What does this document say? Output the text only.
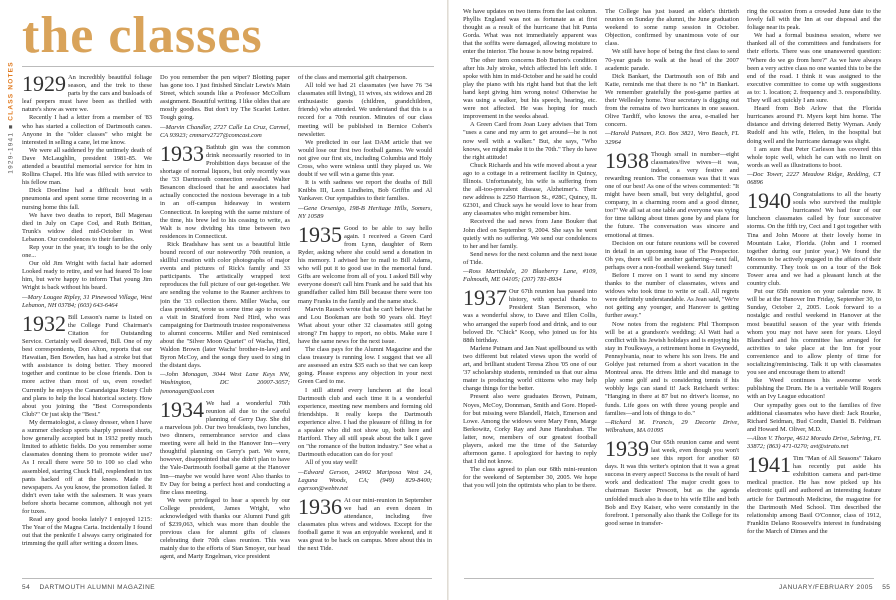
1929-1941 ■ CLASS NOTES
the classes

1929 An incredibly beautiful foliage season, and the trek to these parts by the cars and busloads of leaf peepers must have been as thrilled with nature's show as were we.

Recently I had a letter from a member of '83 who has started a collection of Dartmouth canes. Anyone in the "older classes" who might be interested in selling a cane, let me know.

We were all saddened by the untimely death of Dave McLaughlin, president 1981-85. We attended a beautiful memorial service for him in Rollins Chapel. His life was filled with service to his fellow man.

Dick Doerline had a difficult bout with pneumonia and spent some time recovering in a nursing home this fall.

We have two deaths to report, Bill Magenau died in July on Cape Cod, and Ruth Brittan, Trunk's widow died mid-October in West Lebanon. Our condolences to their families.

Rep your in the year, it's tough to be the only one...

Our old Jim Wright with facial hair adorned Looked ready to retire, and we had feared To lose him, but we're happy to inform That young Jim Wright is back without his beard.

—Mary Lougee Ripley, 31 Pinewood Village, West Lebanon, NH 03784; (603) 643-6464

1932 Bill Lesson's name is listed on the College Fund Chairman's Citation for Outstanding Service. Certainly well deserved, Bill. One of my best correspondents, Don Alton, reports that our Hawaiian, Ben Bowden, has had a stroke but that with assistance is doing better. They moored together and continue to be close friends. Don is more active than most of us, even rowdie! Currently he enjoys the Canandaigua Rotary Club and plans to help the local historical society. How about you joining the "Best Correspondents Club?" Or just skip the "Best."

My dermatologist, a classy dresser, when I have a summer checkup sports sharply pressed shorts, how generally accepted but in 1932 pretty much limited to athletic fields. Do you remember some classmates donning them to promote wider use? As I recall there were 50 to 100 so clad who assembled, starring Chuck Hall, resplendent in tux pants hacked off at the knees. Made the newspapers. As you know, the promotion failed. It didn't even take with the salesmen. It was years before shorts became common, although not yet for tuxes.

Read any good books lately? I enjoyed 1215: The Year of the Magna Carta. Incidentally I found out that the penknife I always carry originated for trimming the quill after writing a dozen lines.

Do you remember the pen wiper? Blotting paper has gone too. I just finished Sinclair Lewis's Main Street, which sounds like a Professor McCollum assignment. Beautiful writing. I like oldies that are mostly goodies. But don't try The Scarlet Letter. Tough going.

—Marvin Chandler, 2727 Calle La Cruz, Carmel, CA 93923; cmmarv2727@comcast.com

1933 Bathtub gin was the common drink necessarily resorted to in Prohibition days because of the shortage of normal liquors, but only recently was the '33 Dartmouth connection revealed. Walter Besancon disclosed that he and associates had actually concocted the noxious beverage in a tub in an off-campus hideaway in western Connecticut. In keeping with the same mixture of the time, his brew led to his ceasing to write, as Walt is now dividing his time between two residences in Connecticut.

Rick Bradshaw has sent us a beautiful little bound record of our noteworthy 70th reunion, a skillful creation with color photographs of major events and pictures of Rick's family and 33 participants. The artistically wrapped text reproduces the full picture of our get-together. We are sending the volume to the Rauner archives to join the '33 collection there. Miller Wacha, our class president, wrote us some time ago to record a visit in Stratford from Ned Hird, who was campaigning for Dartmouth trustee responsiveness to alumni concerns. Miller and Ned reminisced about the "Silver Moon Quartet" of Wacha, Hird, Waldon Brown (later Wachs' brother-in-law) and Byron McCoy, and the songs they used to sing in the distant days.

—John Monagan, 3044 West Lane Keys NW, Washington, DC 20007-3057; jsmonagan@aol.com

1934 We had a wonderful 70th reunion all due to the careful planning of Gerry Day. She did a marvelous job. Our two breakfasts, two lunches, two dinners, remembrance service and class meeting were all held in the Hanover Inn—very thoughtful planning on Gerry's part. We were, however, disappointed that she didn't plan to have the Yale-Dartmouth football game at the Hanover Inn—maybe we would have won! Also thanks to Ev Day for being a perfect host and conducting a fine class meeting.

We were privileged to hear a speech by our College president, James Wright, who acknowledged with thanks our Alumni Fund gift of $239,063, which was more than double the previous class for alumni gifts of classes celebrating their 70th class reunion. This was mainly due to the efforts of Stan Smoyer, our head agent, and Marty Engelman, vice president

of the class and memorial gift chairperson.

All told we had 21 classmates (we have 76 '34 classmates still living), 11 wives, six widows and 28 enthusiastic guests (children, grandchildren, friends) who attended. We understand that this is a record for a 70th reunion. Minutes of our class meeting will be published in Bernice Cohen's newsletter.

We predicted in our last DAM article that we would lose our first two football games. We would not give our first six, including Columbia and Holy Cross, who were winless until they played us. We doubt if we will win a game this year.

It is with sadness we report the deaths of Bill Knibbs III, Leon Lindheim, Bob Griffin and Al Yankaver. Our sympathies to their families.

—Gene Orsenigo, 198-B Heritage Hills, Somers, NY 10589

1935 Good to be able to say hello again. I received a Green Card from Lynn, daughter of Rem Ryder, asking where she could send a donation in his memory. I advised her to mail to Bill Adams, who will put it to good use in the memorial fund. Gifts are welcome from all of you. I asked Bill why everyone doesn't call him Frank and he said that his grandfather called him Bill because there were too many Franks in the family and the name stuck.

Marvin Rausch wrote that he can't believe that he and Lou Bookman are both 90 years old. Hey! What about your other 32 classmates still going strong? I'm happy to report, no obits. Make sure I have the same news for the next issue.

The class pays for the Alumni Magazine and the class treasury is running low. I suggest that we all are assessed an extra $35 each so that we can keep going. Please express any objection in your next Green Card to me.

I still attend every luncheon at the local Dartmouth club and each time it is a wonderful experience, meeting new members and forming old friendships. It really keeps the Dartmouth experience alive. I had the pleasure of filling in for a speaker who did not show up, both here and Hartford. They all still speak about the talk I gave on "the romance of the button industry." See what a Dartmouth education can do for you!

All of you stay well!

—Edward Gerson, 24902 Mariposa West 24, Laguna Woods, CA; (949) 829-8400; egerson@webtv.net

1936 At our mini-reunion in September we had an even dozen in attendance, including five classmates plus wives and widows. Except for the football game it was an enjoyable weekend, and it was great to be back on campus. More about this in the next Tide.

54 DARTMOUTH ALUMNI MAGAZINE

We have updates on two items from the last column. Phyllis England was not as fortunate as at first thought as a result of the hurricane that hit Punta Gorda. What was not immediately apparent was that the soffits were damaged, allowing moisture to enter the interior. The house is now being repaired.

The other item concerns Bob Burton's condition after his July stroke, which affected his left side. I spoke with him in mid-October and he said he could play the piano with his right hand but that the left hand kept giving him wrong notes! Otherwise he was using a walker, but his speech, hearing, etc. were not affected. He was hoping for much improvement in the weeks ahead.

A Green Card from Joan Luey advises that Tom "uses a cane and my arm to get around—he is not now well with a walker." But, she says, "Who knows, we might make it to the 70th." They do have the right attitude!

Chuck Richards and his wife moved about a year ago to a cottage in a retirement facility in Quincy, Illinois. Unfortunately, his wife is suffering from the all-too-prevalent disease, Alzheimer's. Their new address is 2250 Harrison St., #28C, Quincy, IL 62301, and Chuck says he would love to hear from any classmates who might remember him.

Received the sad news from Jane Bouker that John died on September 9, 2004. She says he went quietly with no suffering. We send our condolences to her and her family.

Send news for the next column and the next issue of Tide.

—Ross Martindale, 20 Blueberry Lane, #109, Falmouth, ME 04105; (207) 781-8934

1937 Our 67th reunion has passed into history, with special thanks to President Stan Berenson, who was a wonderful show, to Dave and Ellen Collis, who arranged the superb food and drink, and to our beloved Dr. "Chick" Koop, who joined us for his 88th birthday.

Marlene Putnam and Jan Nast spellbound us with two different but related views upon the world of art, and brilliant student Teresa Zhou '05 one of our '37 scholarship students, reminded us that our alma mater is producing world citizens who may help change things for the better.

Present also were graduates Brown, Putnam, Noyes, McCoy, Donnman, Smith and Gore. Hoped-for but missing were Blandell, Hatch, Emerson and Lowe. Among the widows were Mary Fenn, Marge Berkowitz, Corky Ray and June Handrahan. The latter, now, members of our greatest football players, asked me the time of the Saturday afternoon game. I apologized for having to reply that I did not know.

The class agreed to plan our 68th mini-reunion for the weekend of September 30, 2005. We hope that you will join the optimists who plan to be there.

The College has just issued an elder's thirtieth reunion on Sunday the alumni, the June graduation weekend to some ramp session in October. Objection, confirmed by unanimous vote of our class.

We still have hope of being the first class to send 70-year grads to walk at the head of the 2007 academic parade.

Dick Bankart, the Dartmouth son of Bib and Katie, reminds me that there is no "h" in Bankart. We remember gratefully the post-game parties at their Wellesley home. Your secretary is digging out from the remains of two hurricanes in one season. Olive Tardiff, who knows the area, e-mailed her concern.

—Harold Putnam, P.O. Box 3821, Vero Beach, FL 32964

1938 Though small in number—eight classmates/five wives—it was, indeed, a very festive and rewarding reunion. The consensus was that it was one of our best! As one of the wives commented: "It might have been small, but very delightful, good company, in a charming room and a good dinner, too!" We all sat at one table and everyone was vying for time talking about times gone by and plans for the future. The conversation was sincere and emotional at times.

Decision on our future reunions will be covered in detail in an upcoming issue of The Prospector. Oh yes, there will be another gathering—next fall, perhaps over a non-football weekend. Stay tuned!

Before I move on I want to send my sincere thanks to the number of classmates, wives and widows who took time to write or call. All regrets were definitely understandable. As Jean said, "We're not getting any younger, and Hanover is getting further away."

Now notes from the registers: Phil Thompson will be at a grandson's wedding; Al Watt had a conflict with his Jewish holidays and is enjoying his stay in Foulkways, a retirement home in Gwynedd, Pennsylvania, near to where his son lives. He and Goldye just returned from a short vacation in the Montreal area. He drives little and did manage to play some golf and is considering tennis if his wobbly legs can stand it! Jack Reichardt writes: "Hanging in there at 87 but no driver's license, no funds. Life goes on with three young people and families—and lots of things to do."

—Richard M. Francis, 29 Decorte Drive, Wilbraham, MA 01095

1939 Our 65th reunion came and went last week, even though you won't see this report for another 60 days. It was this writer's opinion that it was a great success in every aspect! Success is the result of hard work and dedication! The major credit goes to chairman Baxter Prescott, but as the agenda unfolded much also is due to his wife Ellie and both Bob and Evy Kaiser, who were constantly in the forefront. I personally also thank the College for its good sense in transfer-

ring the occasion from a crowded June date to the lovely fall with the Inn at our disposal and the foliage near its peak.

We had a formal business session, where we thanked all of the committees and fundraisers for their efforts. There was one unanswered question: "Where do we go from here?" As we have always been a very active class no one wanted this to be the end of the road. I think it was assigned to the executive committee to come up with suggestions as to: 1. location; 2. frequency and 3. responsibility. They will act quickly I am sure.

Heard from Bob Arlow that the Florida hurricanes around Ft. Myers kept him home. The distance and driving deterred Betty Wyman. Andy Rudolf and his wife, Helen, in the hospital but doing well and the hurricane damage was slight.

I am sure that Peter Carleson has covered this whole topic well, which he can with no limit on words as well as illustrations to boot.

—Doc Tower, 2227 Meadow Ridge, Redding, CT 06896

1940 Congratulations to all the hearty souls who survived the multiple hurricanes! We had four of our luncheon classmates called by four successive storms. On the fifth try, Ceci and I got together with Tina and John Moore at their lovely home in Mountain Lake, Florida. (John and I roomed together during our junior year.) We found the Moores to be actively engaged in the affairs of their community. They took us on a tour of the Bok Tower area and we had a pleasant lunch at the country club.

Put our 65th reunion on your calendar now. It will be at the Hanover Inn Friday, September 30, to Sunday, October 2, 2005. Look forward to a nostalgic and restful weekend in Hanover at the most beautiful season of the year with friends whom you may not have seen for years. Lloyd Blanchard and his committee has arranged for activities to take place at the Inn for your convenience and to allow plenty of time for socializing/reminiscing. Talk it up with classmates you see and encourage them to attend!

Ike Weed continues his awesome work publishing the Drum. He is a veritable Will Rogers with an Ivy League education!

Our sympathy goes out to the families of five additional classmates who have died: Jack Rourke, Richard Seidman, Bud Condit, Daniel B. Feldman and Howard M. Oliver, M.D.

—Alton V. Thorpe, 4612 Morado Drive, Sebring, FL 33872; (863) 471-0270; avt@strato.net

1941 Tim "Man of All Seasons" Takaro has recently put aside his exhibition camera and part-time medical practice. He has now picked up his electronic quill and authored an interesting feature article for Dartmouth Medicine, the magazine for the Dartmouth Med School. Tim described the relationship among Basil O'Connor, class of 1912, Franklin Delano Roosevelt's interest in fundraising for the March of Dimes and the

JANUARY/FEBRUARY 2005 55
